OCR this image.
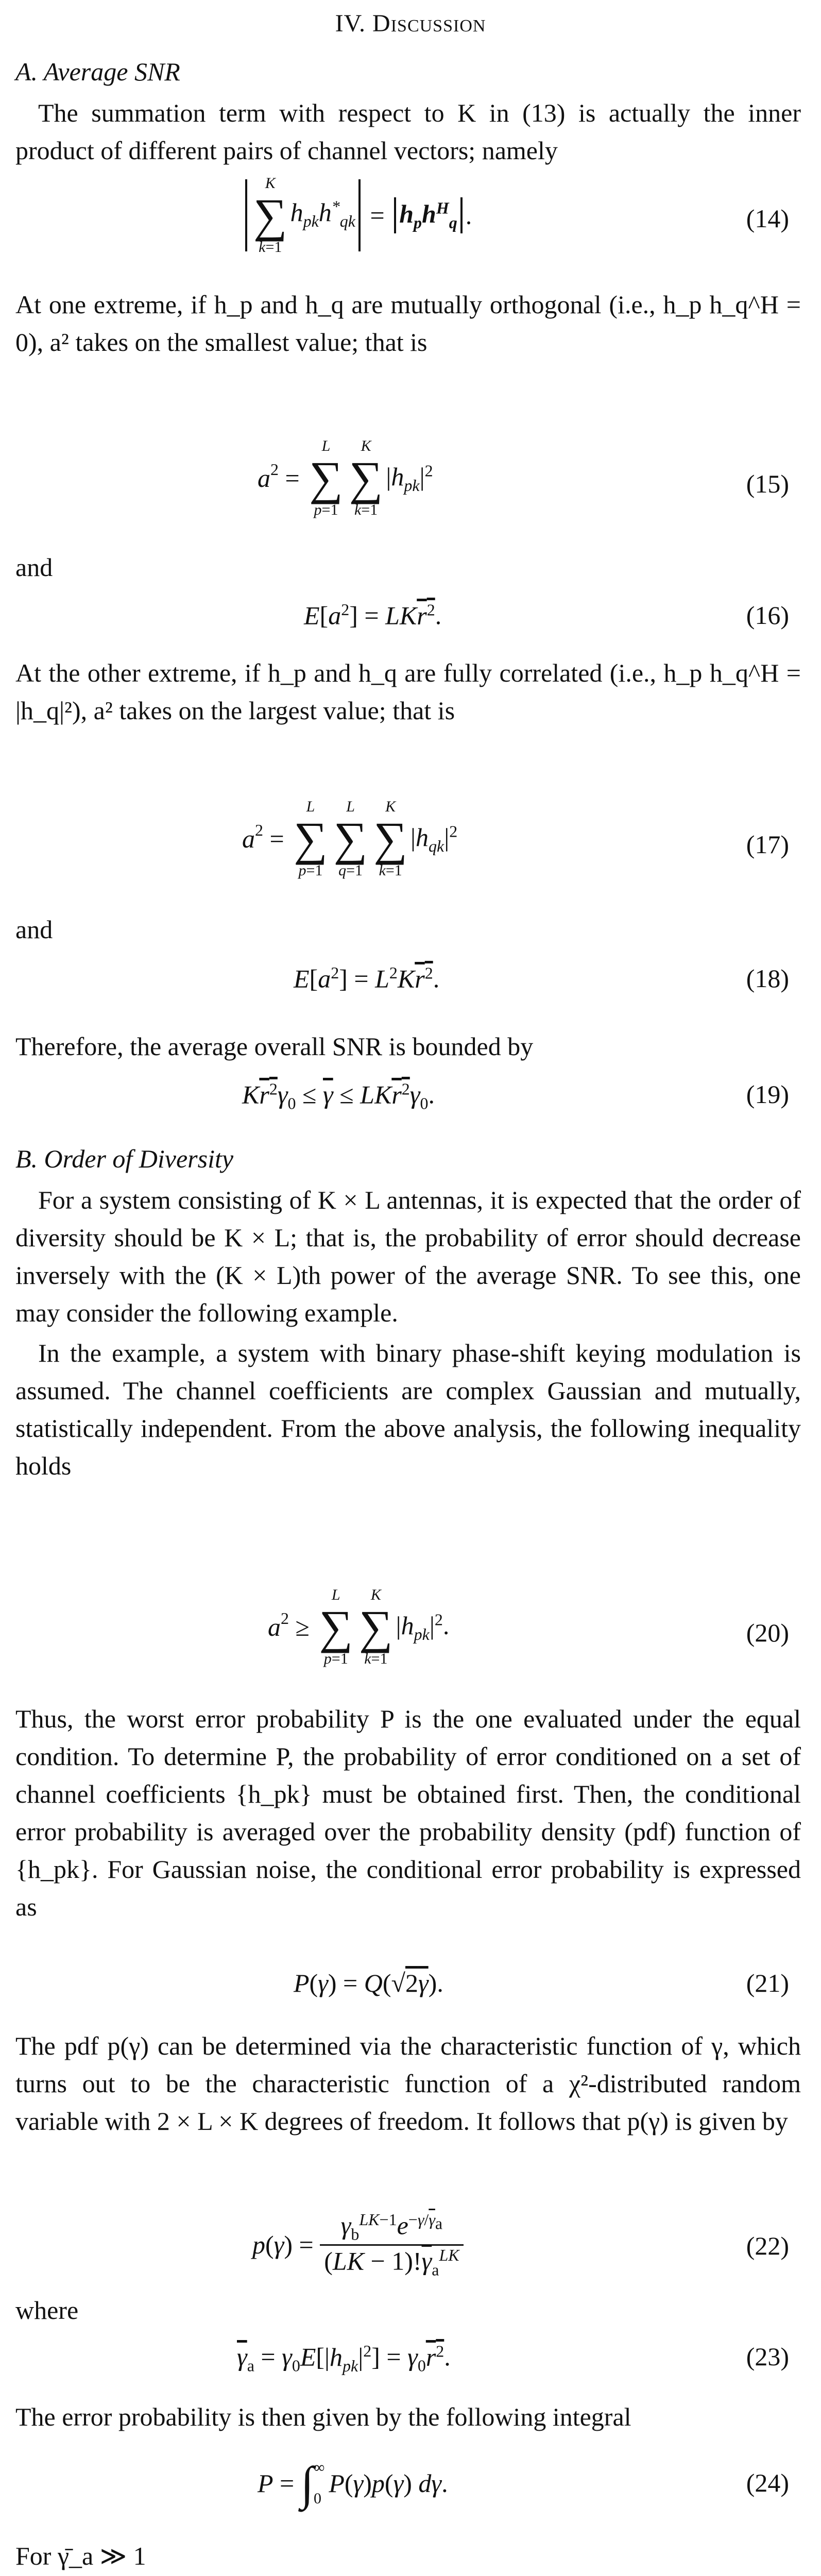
IV. Discussion
A. Average SNR
The summation term with respect to K in (13) is actually the inner product of different pairs of channel vectors; namely
K
∑
k=1
$h_{pk}h^*_{qk} = h_ph^H_q$ .	(14)
At one extreme, if h_p and h_q are mutually orthogonal (i.e., h_p h_q^H = 0), a² takes on the smallest value; that is
$a^2$ =
L
∑
p=1
K
∑
k=1
$|h_{pk}|^2$	(15)
and
$E[a^2] = LKr^2$.	(16)
At the other extreme, if h_p and h_q are fully correlated (i.e., h_p h_q^H = |h_q|²), a² takes on the largest value; that is
$a^2$ =
L
∑
p=1
L
∑
q=1
K
∑
k=1
$|h_{qk}|^2$	(17)
and
$E[a^2] = L^2Kr^2$.	(18)
Therefore, the average overall SNR is bounded by
$Kr^2\gamma_0 \le \overline{\gamma} \le LKr^2\gamma_0$.	(19)
B. Order of Diversity
For a system consisting of K × L antennas, it is expected that the order of diversity should be K × L; that is, the probability of error should decrease inversely with the (K × L)th power of the average SNR. To see this, one may consider the following example.
In the example, a system with binary phase-shift keying modulation is assumed. The channel coefficients are complex Gaussian and mutually, statistically independent. From the above analysis, the following inequality holds
$a^2$ ≥
L
∑
p=1
K
∑
k=1
$|h_{pk}|^2$.	(20)
Thus, the worst error probability P is the one evaluated under the equal condition. To determine P, the probability of error conditioned on a set of channel coefficients {h_pk} must be obtained first. Then, the conditional error probability is averaged over the probability density (pdf) function of {h_pk}. For Gaussian noise, the conditional error probability is expressed as
P(γ) = Q(√2γ).	(21)
The pdf p(γ) can be determined via the characteristic function of γ, which turns out to be the characteristic function of a χ²-distributed random variable with 2 × L × K degrees of freedom. It follows that p(γ) is given by
$p(\gamma) = \frac{\gamma_b^{LK-1}e^{-\gamma/\overline{\gamma}_a}}{(LK - 1)!\overline{\gamma}_a^{LK}}$	(22)
where
$\overline{\gamma}_a = \gamma_0E[|h_{pk}|^2] = \gamma_0r^2$.	(23)
The error probability is then given by the following integral
P = ∫∞
0P(γ)p(γ) dγ.	(24)
For γ̄_a ≫ 1
